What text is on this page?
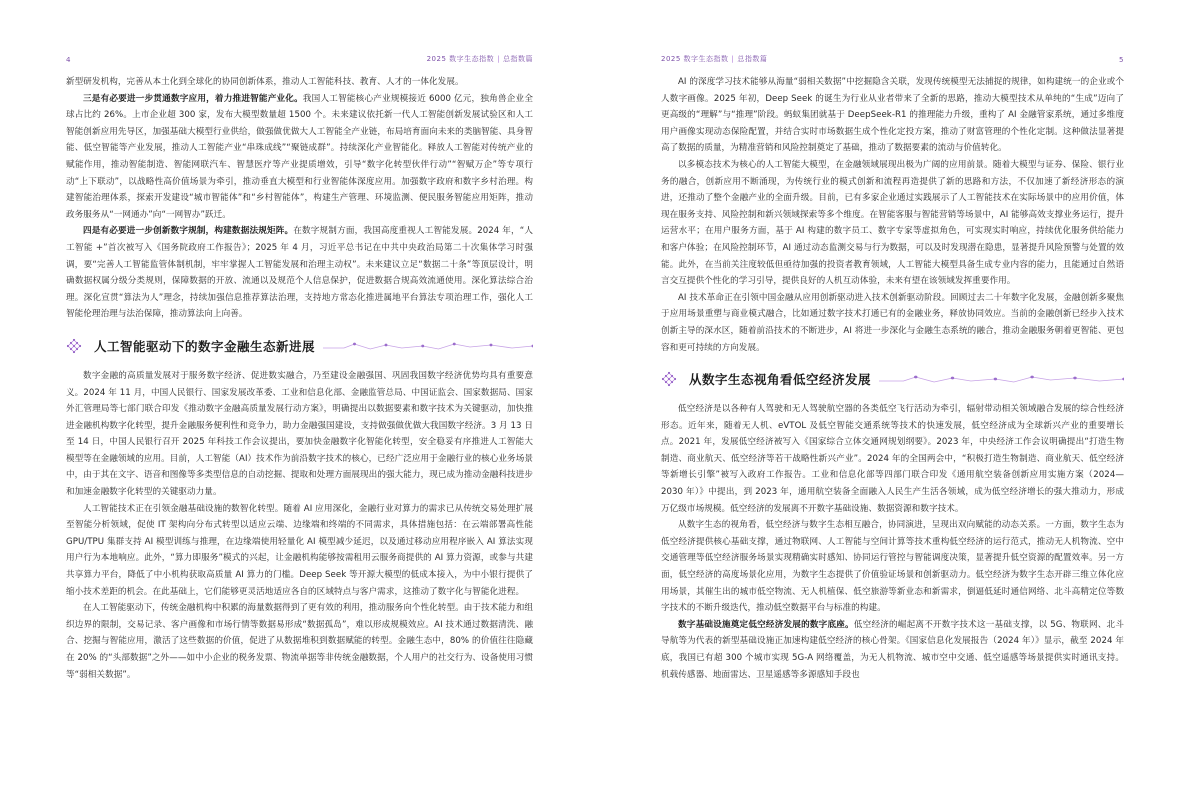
4	2025 数字生态指数 | 总指数篇

新型研发机构，完善从本土化到全球化的协同创新体系，推动人工智能科技、教育、人才的一体化发展。

三是有必要进一步贯通数字应用，着力推进智能产业化。我国人工智能核心产业规模接近 6000 亿元，独角兽企业全球占比约 26%。上市企业超 300 家，发布大模型数量超 1500 个。未来建议依托新一代人工智能创新发展试验区和人工智能创新应用先导区，加强基础大模型行业供给，做强做优做大人工智能全产业链，布局培育面向未来的类脑智能、具身智能、低空智能等产业发展，推动人工智能产业“串珠成线”“聚链成群”。持续深化产业智能化。释放人工智能对传统产业的赋能作用，推动智能制造、智能网联汽车、智慧医疗等产业提质增效，引导“数字化转型伙伴行动”“智赋万企”等专项行动“上下联动”，以战略性高价值场景为牵引，推动垂直大模型和行业智能体深度应用。加强数字政府和数字乡村治理。构建智能治理体系，探索开发建设“城市智能体”和“乡村智能体”，构建生产管理、环境监测、便民服务智能应用矩阵，推动政务服务从“一网通办”向“一网智办”跃迁。

四是有必要进一步创新数字规制，构建数据法规矩阵。在数字规制方面，我国高度重视人工智能发展。2024 年，“人工智能 +”首次被写入《国务院政府工作报告》；2025 年 4 月，习近平总书记在中共中央政治局第二十次集体学习时强调，要“完善人工智能监管体制机制，牢牢掌握人工智能发展和治理主动权”。未来建议立足“数据二十条”等顶层设计，明确数据权属分级分类规则，保障数据的开放、流通以及规范个人信息保护，促进数据合规高效流通使用。深化算法综合治理。深化宣贯“算法为人”理念，持续加强信息推荐算法治理，支持地方常态化推进属地平台算法专项治理工作，强化人工智能伦理治理与法治保障，推动算法向上向善。

人工智能驱动下的数字金融生态新进展

数字金融的高质量发展对于服务数字经济、促进数实融合，乃至建设金融强国、巩固我国数字经济优势均具有重要意义。2024 年 11 月，中国人民银行、国家发展改革委、工业和信息化部、金融监管总局、中国证监会、国家数据局、国家外汇管理局等七部门联合印发《推动数字金融高质量发展行动方案》，明确提出以数据要素和数字技术为关键驱动，加快推进金融机构数字化转型，提升金融服务便利性和竞争力，助力金融强国建设，支持做强做优做大我国数字经济。3 月 13 日至 14 日，中国人民银行召开 2025 年科技工作会议提出，要加快金融数字化智能化转型，安全稳妥有序推进人工智能大模型等在金融领域的应用。目前，人工智能（AI）技术作为前沿数字技术的核心，已经广泛应用于金融行业的核心业务场景中，由于其在文字、语音和图像等多类型信息的自动挖掘、提取和处理方面展现出的强大能力，现已成为推动金融科技进步和加速金融数字化转型的关键驱动力量。

人工智能技术正在引领金融基础设施的数智化转型。随着 AI 应用深化，金融行业对算力的需求已从传统交易处理扩展至智能分析领域，促使 IT 架构向分布式转型以适应云端、边缘端和终端的不同需求，具体措施包括：在云端部署高性能 GPU/TPU 集群支持 AI 模型训练与推理，在边缘端使用轻量化 AI 模型减少延迟，以及通过移动应用程序嵌入 AI 算法实现用户行为本地响应。此外，“算力即服务”模式的兴起，让金融机构能够按需租用云服务商提供的 AI 算力资源，或参与共建共享算力平台，降低了中小机构获取高质量 AI 算力的门槛。Deep Seek 等开源大模型的低成本接入，为中小银行提供了缩小技术差距的机会。在此基础上，它们能够更灵活地适应各自的区域特点与客户需求，这推动了数字化与智能化进程。

在人工智能驱动下，传统金融机构中积累的海量数据得到了更有效的利用，推动服务向个性化转型。由于技术能力和组织边界的限制，交易记录、客户画像和市场行情等数据易形成“数据孤岛”，难以形成规模效应。AI 技术通过数据清洗、融合、挖掘与智能应用，激活了这些数据的价值，促进了从数据堆积到数据赋能的转型。金融生态中，80% 的价值往往隐藏在 20% 的“头部数据”之外——如中小企业的税务发票、物流单据等非传统金融数据，个人用户的社交行为、设备使用习惯等“弱相关数据”。

2025 数字生态指数 | 总指数篇	5

AI 的深度学习技术能够从海量“弱相关数据”中挖掘隐含关联，发现传统模型无法捕捉的规律，如构建统一的企业或个人数字画像。2025 年初，Deep Seek 的诞生为行业从业者带来了全新的思路，推动大模型技术从单纯的“生成”迈向了更高级的“理解”与“推理”阶段。蚂蚁集团就基于 DeepSeek-R1 的推理能力升级，重构了 AI 金融管家系统，通过多维度用户画像实现动态保险配置，并结合实时市场数据生成个性化定投方案，推动了财富管理的个性化定制。这种做法显著提高了数据的质量，为精准营销和风险控制奠定了基础，推动了数据要素的流动与价值转化。

以多模态技术为核心的人工智能大模型，在金融领域展现出极为广阔的应用前景。随着大模型与证券、保险、银行业务的融合，创新应用不断涌现，为传统行业的模式创新和流程再造提供了新的思路和方法，不仅加速了新经济形态的演进，还推动了整个金融产业的全面升级。目前，已有多家企业通过实践展示了人工智能技术在实际场景中的应用价值，体现在服务支持、风险控制和新兴领域探索等多个维度。在智能客服与智能营销等场景中，AI 能够高效支撑业务运行，提升运营水平；在用户服务方面，基于 AI 构建的数字员工、数字专家等虚拟角色，可实现实时响应，持续优化服务供给能力和客户体验；在风险控制环节，AI 通过动态监测交易与行为数据，可以及时发现潜在隐患，显著提升风险预警与处置的效能。此外，在当前关注度较低但亟待加强的投资者教育领域，人工智能大模型具备生成专业内容的能力，且能通过自然语言交互提供个性化的学习引导，提供良好的人机互动体验，未来有望在该领域发挥重要作用。

AI 技术革命正在引领中国金融从应用创新驱动进入技术创新驱动阶段。回顾过去二十年数字化发展，金融创新多聚焦于应用场景重塑与商业模式融合，比如通过数字技术打通已有的金融业务，释放协同效应。当前的金融创新已经步入技术创新主导的深水区，随着前沿技术的不断进步，AI 将进一步深化与金融生态系统的融合，推动金融服务朝着更智能、更包容和更可持续的方向发展。

从数字生态视角看低空经济发展

低空经济是以各种有人驾驶和无人驾驶航空器的各类低空飞行活动为牵引，辐射带动相关领域融合发展的综合性经济形态。近年来，随着无人机、eVTOL 及低空智能交通系统等技术的快速发展，低空经济成为全球新兴产业的重要增长点。2021 年，发展低空经济被写入《国家综合立体交通网规划纲要》。2023 年，中央经济工作会议明确提出“打造生物制造、商业航天、低空经济等若干战略性新兴产业”。2024 年的全国两会中，“积极打造生物制造、商业航天、低空经济等新增长引擎”被写入政府工作报告。工业和信息化部等四部门联合印发《通用航空装备创新应用实施方案（2024—2030 年）》中提出，到 2023 年，通用航空装备全面融入人民生产生活各领域，成为低空经济增长的强大推动力，形成万亿级市场规模。低空经济的发展离不开数字基础设施、数据资源和数字技术。

从数字生态的视角看，低空经济与数字生态相互融合，协同演进，呈现出双向赋能的动态关系。一方面，数字生态为低空经济提供核心基础支撑，通过物联网、人工智能与空间计算等技术重构低空经济的运行范式，推动无人机物流、空中交通管理等低空经济服务场景实现精确实时感知、协同运行管控与智能调度决策，显著提升低空资源的配置效率。另一方面，低空经济的高度场景化应用，为数字生态提供了价值验证场景和创新驱动力。低空经济为数字生态开辟三维立体化应用场景，其催生出的城市低空物流、无人机植保、低空旅游等新业态和新需求，倒逼低延时通信网络、北斗高精定位等数字技术的不断升级迭代，推动低空数据平台与标准的构建。

数字基础设施奠定低空经济发展的数字底座。低空经济的崛起离不开数字技术这一基础支撑，以 5G、物联网、北斗导航等为代表的新型基础设施正加速构建低空经济的核心骨架。《国家信息化发展报告（2024 年）》显示，截至 2024 年底，我国已有超 300 个城市实现 5G-A 网络覆盖，为无人机物流、城市空中交通、低空遥感等场景提供实时通讯支持。机载传感器、地面雷达、卫星遥感等多源感知手段也
